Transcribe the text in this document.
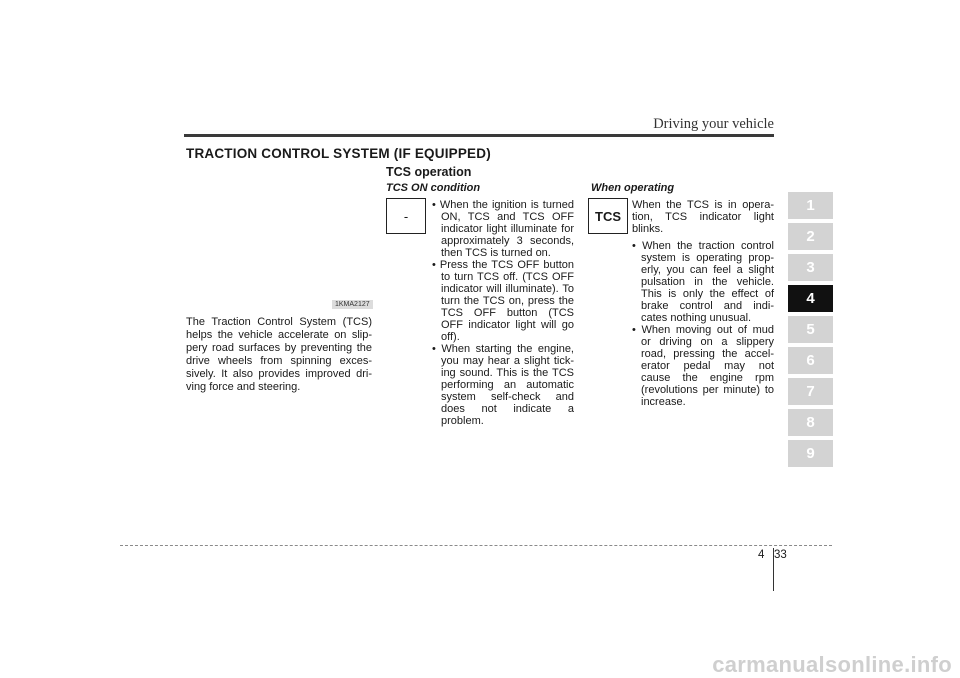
Driving your vehicle
TRACTION CONTROL SYSTEM (IF EQUIPPED)
TCS operation
1KMA2127
The Traction Control System (TCS) helps the vehicle accelerate on slip-pery road surfaces by preventing the drive wheels from spinning exces-sively. It also provides improved dri-ving force and steering.
TCS ON condition
-
• When the ignition is turned ON, TCS and TCS OFF indicator light illuminate for approximately 3 seconds, then TCS is turned on.
• Press the TCS OFF button to turn TCS off. (TCS OFF indicator will illuminate). To turn the TCS on, press the TCS OFF button (TCS OFF indicator light will go off).
• When starting the engine, you may hear a slight tick-ing sound. This is the TCS performing an automatic system self-check and does not indicate a problem.
When operating
TCS
When the TCS is in opera-tion, TCS indicator light blinks.
• When the traction control system is operating prop-erly, you can feel a slight pulsation in the vehicle. This is only the effect of brake control and indi-cates nothing unusual.
• When moving out of mud or driving on a slippery road, pressing the accel-erator pedal may not cause the engine rpm (revolutions per minute) to increase.
1
2
3
4
5
6
7
8
9
4 33
carmanualsonline.info
